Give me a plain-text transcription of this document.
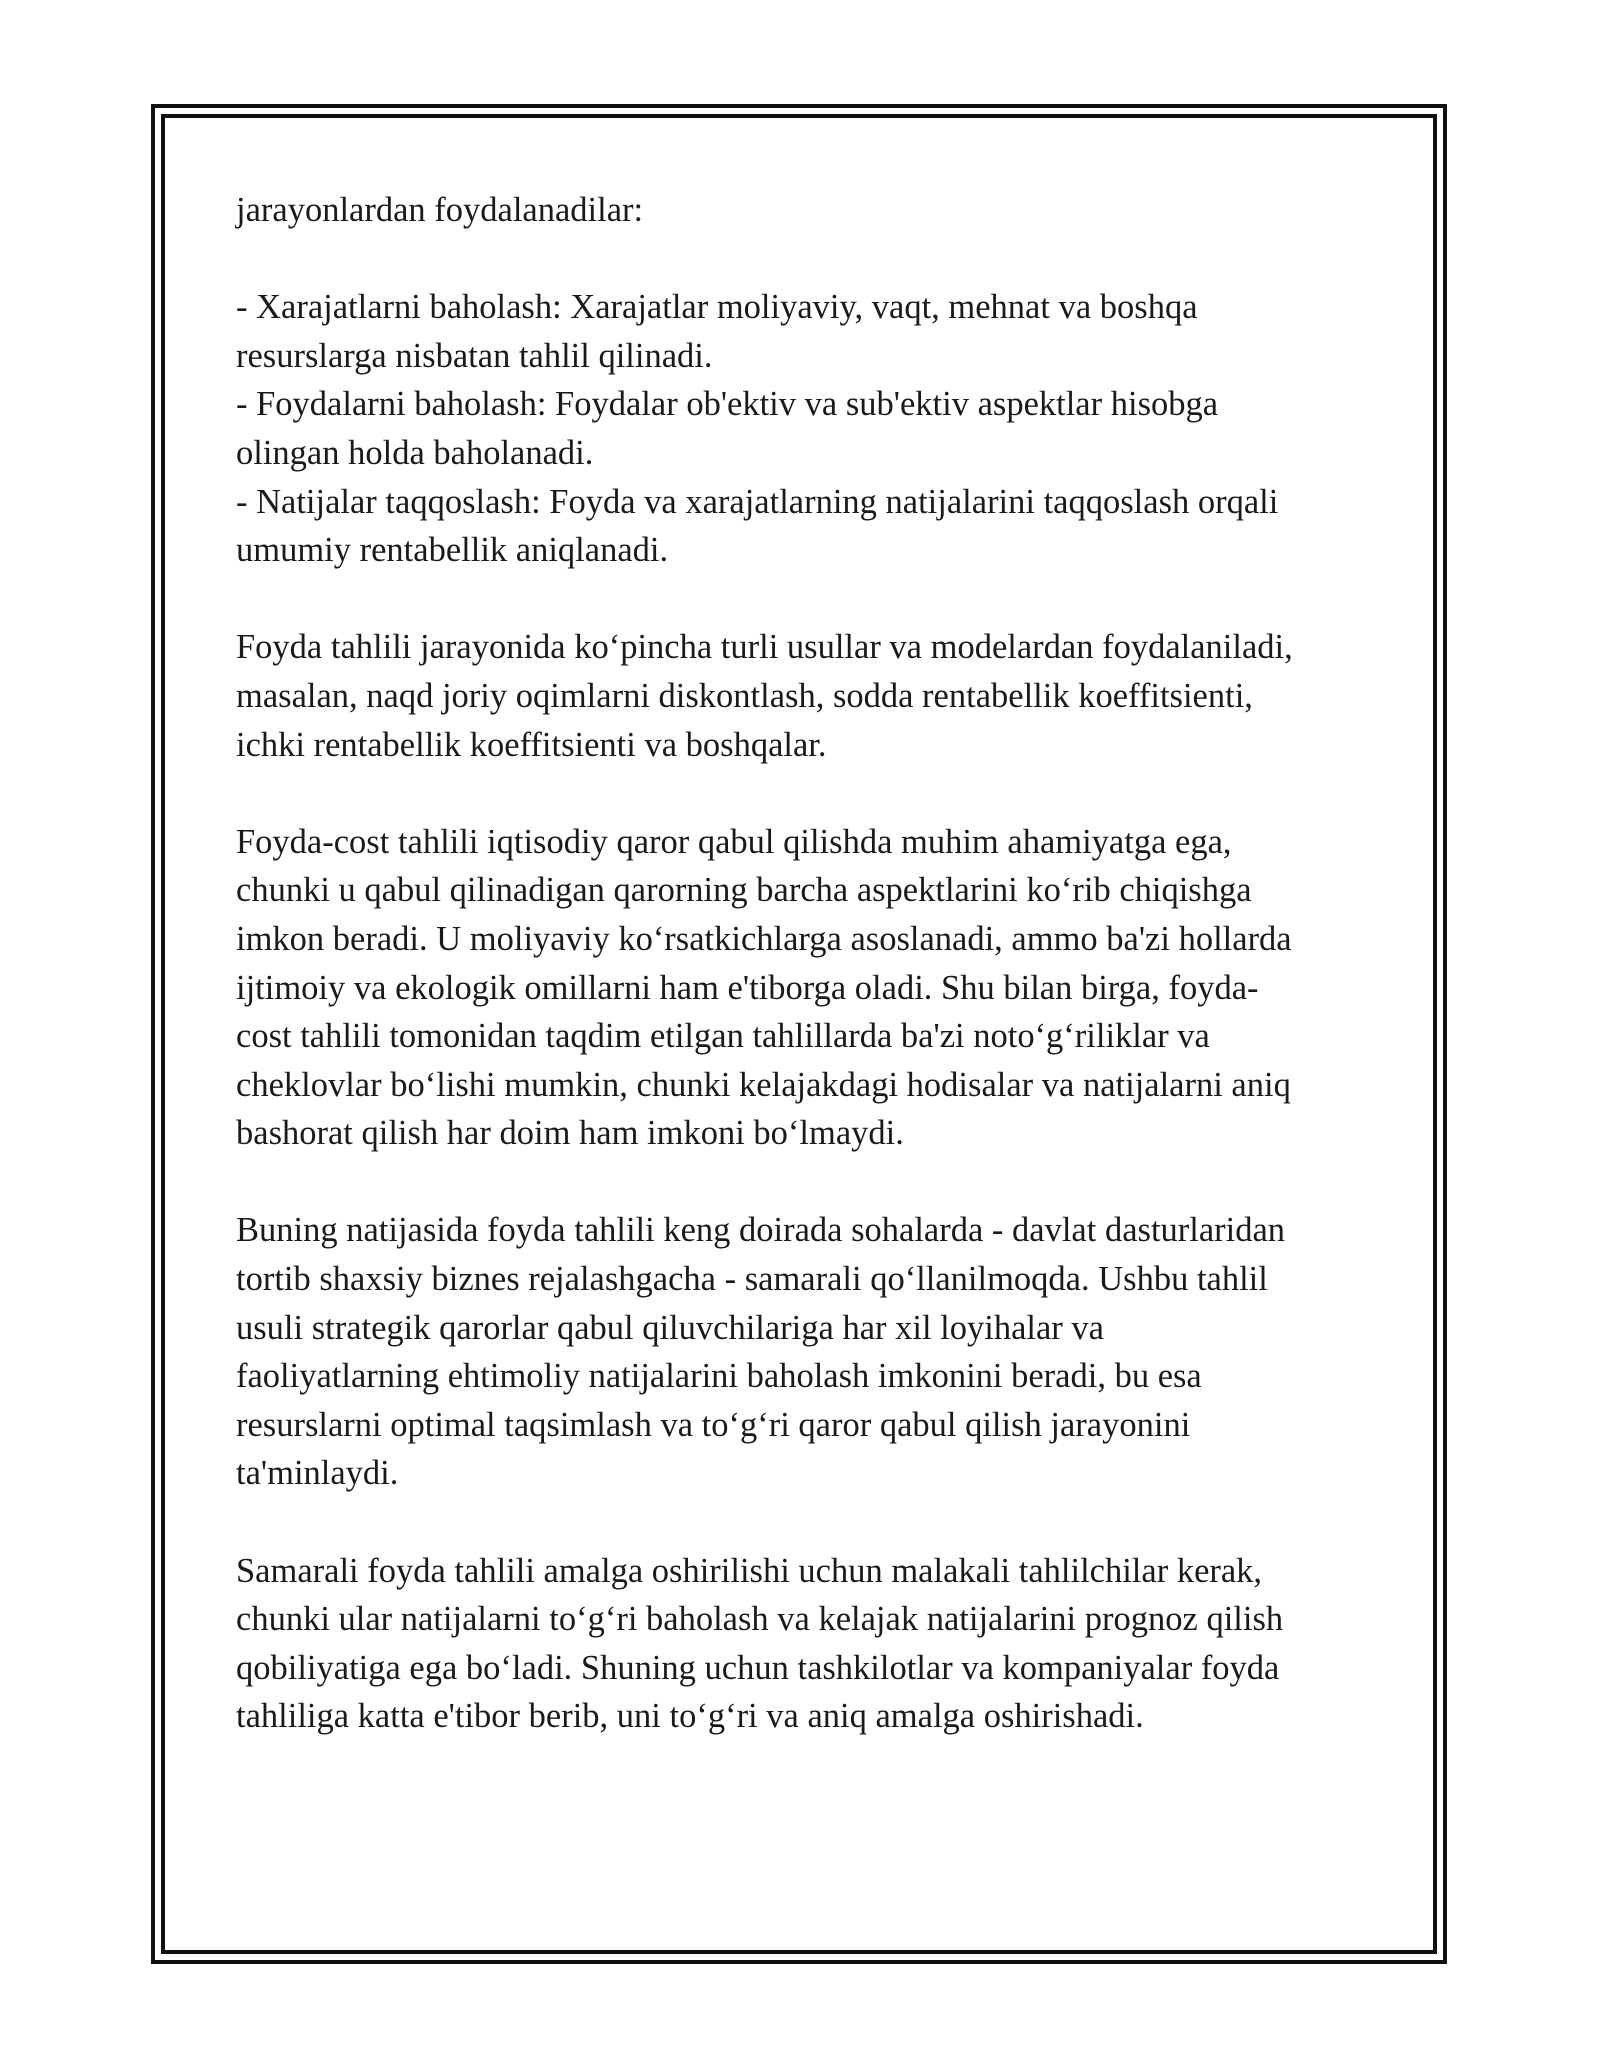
jarayonlardan foydalanadilar:

- Xarajatlarni baholash: Xarajatlar moliyaviy, vaqt, mehnat va boshqa

resurslarga nisbatan tahlil qilinadi.

- Foydalarni baholash: Foydalar ob'ektiv va sub'ektiv aspektlar hisobga

olingan holda baholanadi.

- Natijalar taqqoslash: Foyda va xarajatlarning natijalarini taqqoslash orqali

umumiy rentabellik aniqlanadi.

Foyda tahlili jarayonida koʻpincha turli usullar va modelardan foydalaniladi,

masalan, naqd joriy oqimlarni diskontlash, sodda rentabellik koeffitsienti,

ichki rentabellik koeffitsienti va boshqalar.

Foyda-cost tahlili iqtisodiy qaror qabul qilishda muhim ahamiyatga ega,

chunki u qabul qilinadigan qarorning barcha aspektlarini koʻrib chiqishga

imkon beradi. U moliyaviy koʻrsatkichlarga asoslanadi, ammo ba'zi hollarda

ijtimoiy va ekologik omillarni ham e'tiborga oladi. Shu bilan birga, foyda-

cost tahlili tomonidan taqdim etilgan tahlillarda ba'zi notoʻgʻriliklar va

cheklovlar boʻlishi mumkin, chunki kelajakdagi hodisalar va natijalarni aniq

bashorat qilish har doim ham imkoni boʻlmaydi.

Buning natijasida foyda tahlili keng doirada sohalarda - davlat dasturlaridan

tortib shaxsiy biznes rejalashgacha - samarali qoʻllanilmoqda. Ushbu tahlil

usuli strategik qarorlar qabul qiluvchilariga har xil loyihalar va

faoliyatlarning ehtimoliy natijalarini baholash imkonini beradi, bu esa

resurslarni optimal taqsimlash va toʻgʻri qaror qabul qilish jarayonini

ta'minlaydi.

Samarali foyda tahlili amalga oshirilishi uchun malakali tahlilchilar kerak,

chunki ular natijalarni toʻgʻri baholash va kelajak natijalarini prognoz qilish

qobiliyatiga ega boʻladi. Shuning uchun tashkilotlar va kompaniyalar foyda

tahliliga katta e'tibor berib, uni toʻgʻri va aniq amalga oshirishadi.
